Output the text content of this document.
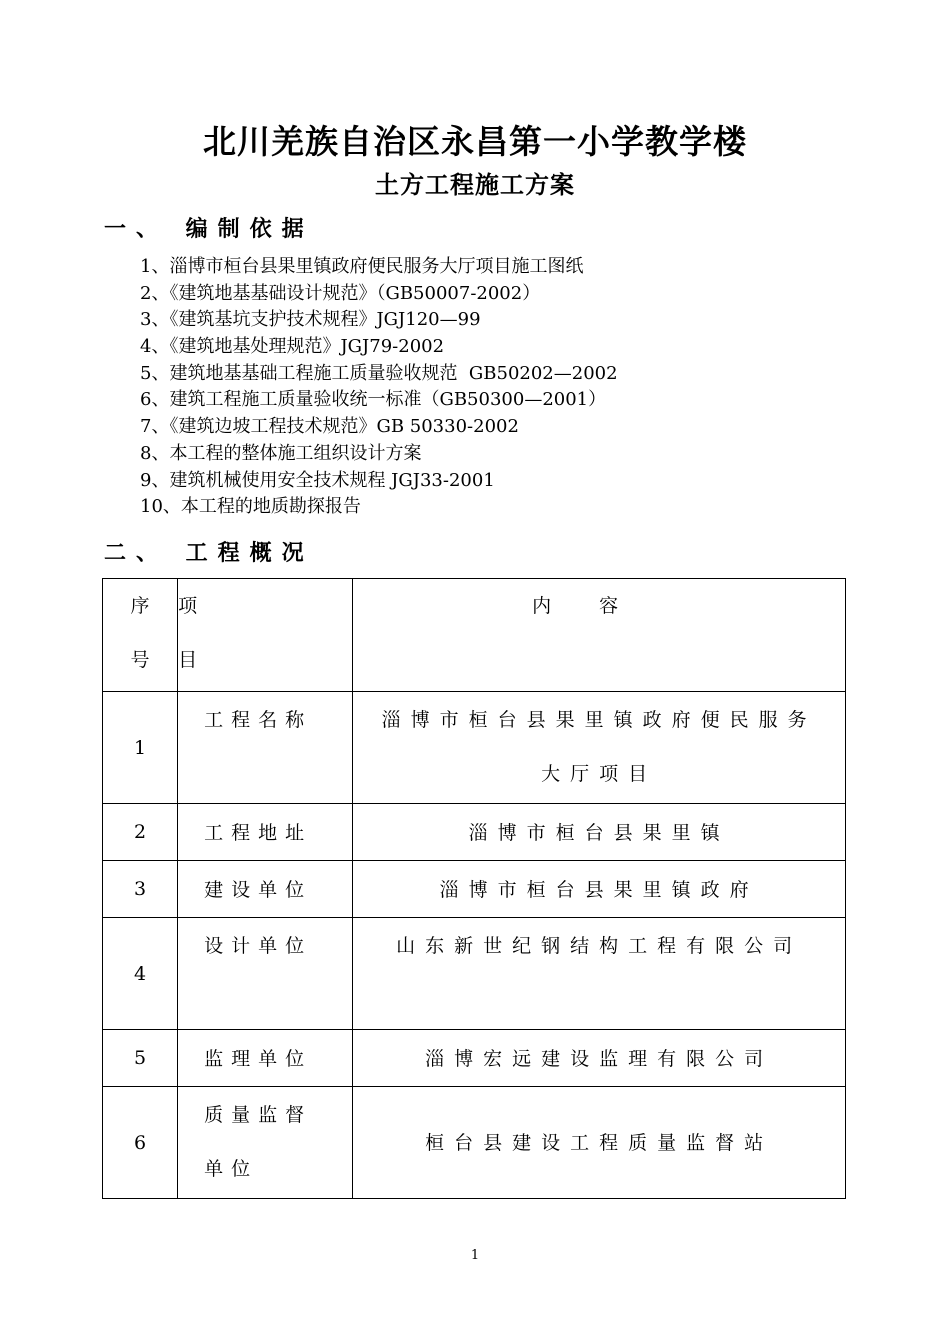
北川羌族自治区永昌第一小学教学楼
土方工程施工方案
一、 编制依据
1、淄博市桓台县果里镇政府便民服务大厅项目施工图纸
2、《建筑地基基础设计规范》（GB50007-2002）
3、《建筑基坑支护技术规程》JGJ120—99
4、《建筑地基处理规范》JGJ79-2002
5、建筑地基基础工程施工质量验收规范  GB50202—2002
6、建筑工程施工质量验收统一标准（GB50300—2001）
7、《建筑边坡工程技术规范》GB 50330-2002
8、本工程的整体施工组织设计方案
9、建筑机械使用安全技术规程 JGJ33-2001
10、本工程的地质勘探报告
二、 工程概况
序号	项目	内容
1	工程名称	淄博市桓台县果里镇政府便民服务大厅项目

2	工程地址	淄博市桓台县果里镇

3	建设单位	淄博市桓台县果里镇政府

4	设计单位	山东新世纪钢结构工程有限公司

5	监理单位	淄博宏远建设监理有限公司

6	质量监督单位	桓台县建设工程质量监督站
1
